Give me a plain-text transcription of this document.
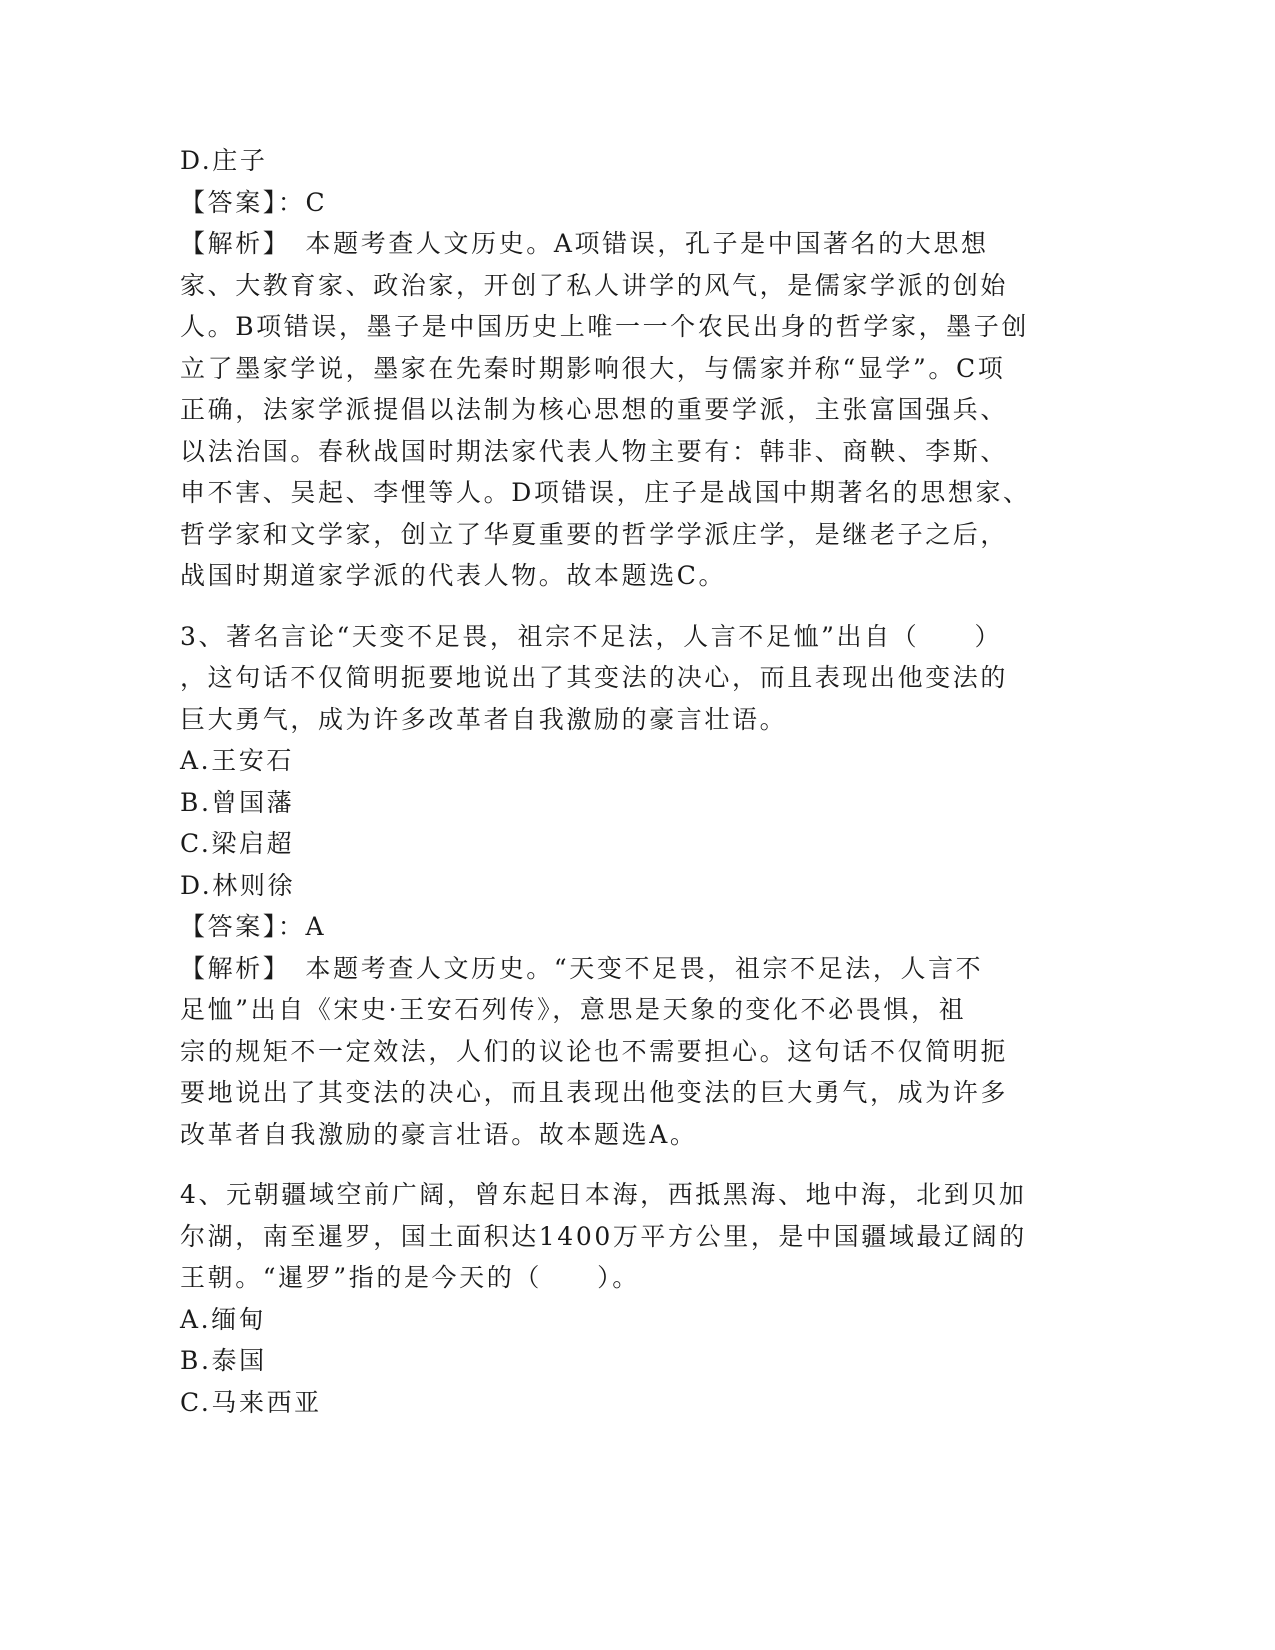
D.庄子

【答案】：C

【解析】　本题考查人文历史。A项错误，孔子是中国著名的大思想

家、大教育家、政治家，开创了私人讲学的风气，是儒家学派的创始

人。B项错误，墨子是中国历史上唯一一个农民出身的哲学家，墨子创

立了墨家学说，墨家在先秦时期影响很大，与儒家并称“显学”。C项

正确，法家学派提倡以法制为核心思想的重要学派，主张富国强兵、

以法治国。春秋战国时期法家代表人物主要有：韩非、商鞅、李斯、

申不害、吴起、李悝等人。D项错误，庄子是战国中期著名的思想家、

哲学家和文学家，创立了华夏重要的哲学学派庄学，是继老子之后，

战国时期道家学派的代表人物。故本题选C。

3、著名言论“天变不足畏，祖宗不足法，人言不足恤”出自（　　）

，这句话不仅简明扼要地说出了其变法的决心，而且表现出他变法的

巨大勇气，成为许多改革者自我激励的豪言壮语。

A.王安石

B.曾国藩

C.梁启超

D.林则徐

【答案】：A

【解析】　本题考查人文历史。“天变不足畏，祖宗不足法，人言不

足恤”出自《宋史·王安石列传》，意思是天象的变化不必畏惧，祖

宗的规矩不一定效法，人们的议论也不需要担心。这句话不仅简明扼

要地说出了其变法的决心，而且表现出他变法的巨大勇气，成为许多

改革者自我激励的豪言壮语。故本题选A。

4、元朝疆域空前广阔，曾东起日本海，西抵黑海、地中海，北到贝加

尔湖，南至暹罗，国土面积达1400万平方公里，是中国疆域最辽阔的

王朝。“暹罗”指的是今天的（　　）。

A.缅甸

B.泰国

C.马来西亚
